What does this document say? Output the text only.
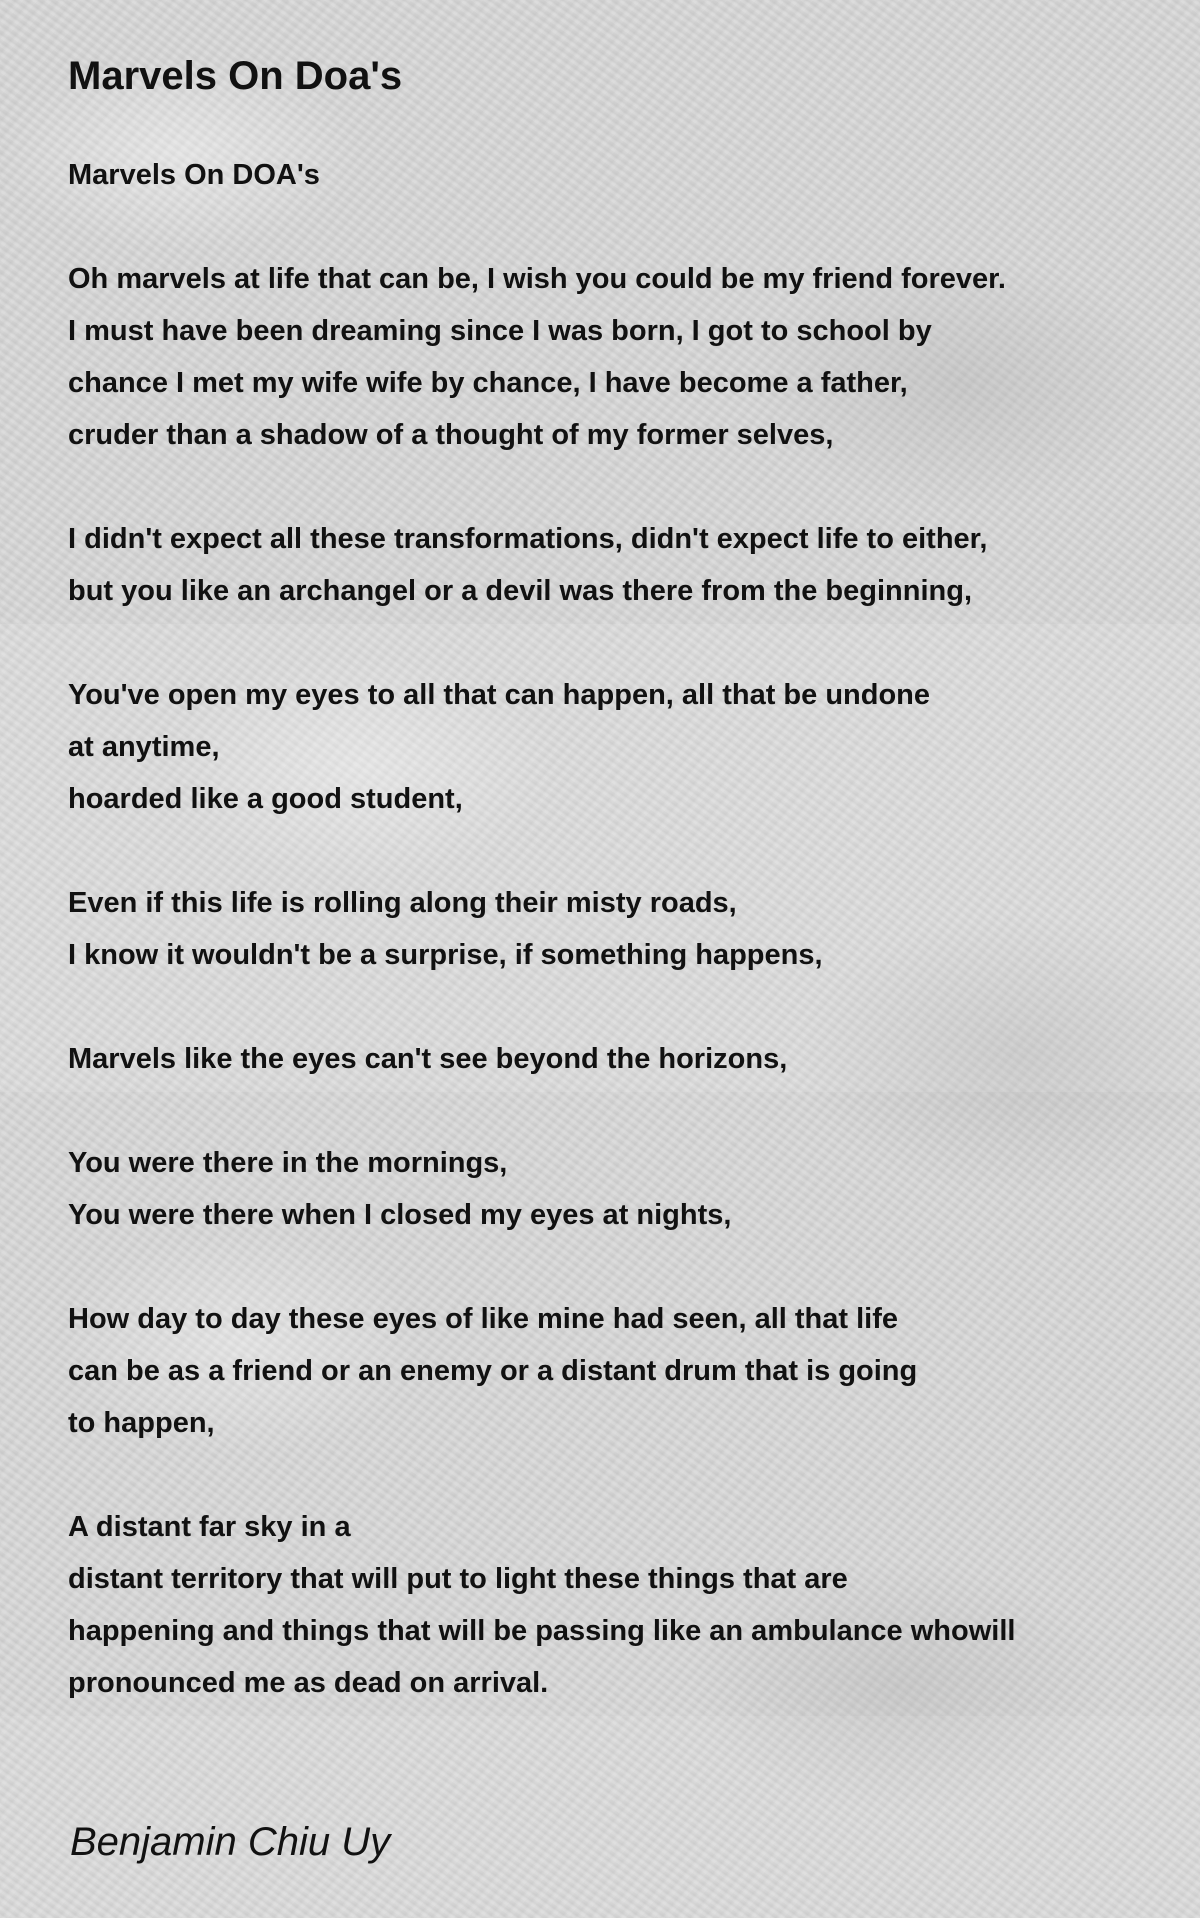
Marvels On Doa's
Marvels On DOA's
Oh marvels at life that can be, I wish you could be my friend forever.
I must have been dreaming since I was born, I got to school by
chance I met my wife wife by chance, I have become a father,
cruder than a shadow of a thought of my former selves,
I didn't expect all these transformations, didn't expect life to either,
but you like an archangel or a devil was there from the beginning,
You've open my eyes to all that can happen, all that be undone
at anytime,
hoarded like a good student,
Even if this life is rolling along their misty roads,
I know it wouldn't be a surprise, if something happens,
Marvels like the eyes can't see beyond the horizons,
You were there in the mornings,
You were there when I closed my eyes at nights,
How day to day these eyes of like mine had seen, all that life
can be as a friend or an enemy or a distant drum that is going
to happen,
A distant far sky in a
distant territory that will put to light these things that are
happening and things that will be passing like an ambulance whowill
pronounced me as dead on arrival.
Benjamin Chiu Uy
